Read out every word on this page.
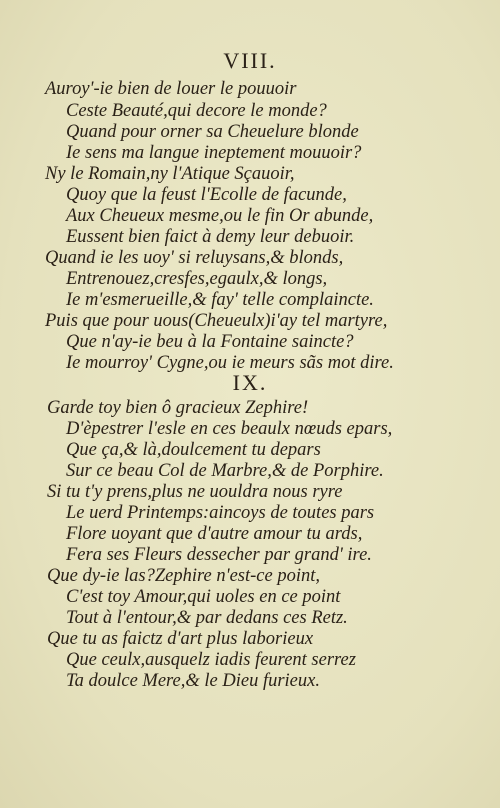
VIII.
Auroy'-ie bien de louer le pouuoir
Ceste Beauté,qui decore le monde?
Quand pour orner sa Cheuelure blonde
Ie sens ma langue ineptement mouuoir?
Ny le Romain,ny l'Atique Sçauoir,
Quoy que la feust l'Ecolle de facunde,
Aux Cheueux mesme,ou le fin Or abunde,
Eussent bien faict à demy leur debuoir.
Quand ie les uoy' si reluysans,& blonds,
Entrenouez,cresfes,egaulx,& longs,
Ie m'esmerueille,& fay' telle complaincte.
Puis que pour uous(Cheueulx)i'ay tel martyre,
Que n'ay-ie beu à la Fontaine saincte?
Ie mourroy' Cygne,ou ie meurs sãs mot dire.
IX.
Garde toy bien ô gracieux Zephire!
D'èpestrer l'esle en ces beaulx nœuds epars,
Que ça,& là,doulcement tu depars
Sur ce beau Col de Marbre,& de Porphire.
Si tu t'y prens,plus ne uouldra nous ryre
Le uerd Printemps:aincoys de toutes pars
Flore uoyant que d'autre amour tu ards,
Fera ses Fleurs dessecher par grand' ire.
Que dy-ie las?Zephire n'est-ce point,
C'est toy Amour,qui uoles en ce point
Tout à l'entour,& par dedans ces Retz.
Que tu as faictz d'art plus laborieux
Que ceulx,ausquelz iadis feurent serrez
Ta doulce Mere,& le Dieu furieux.
